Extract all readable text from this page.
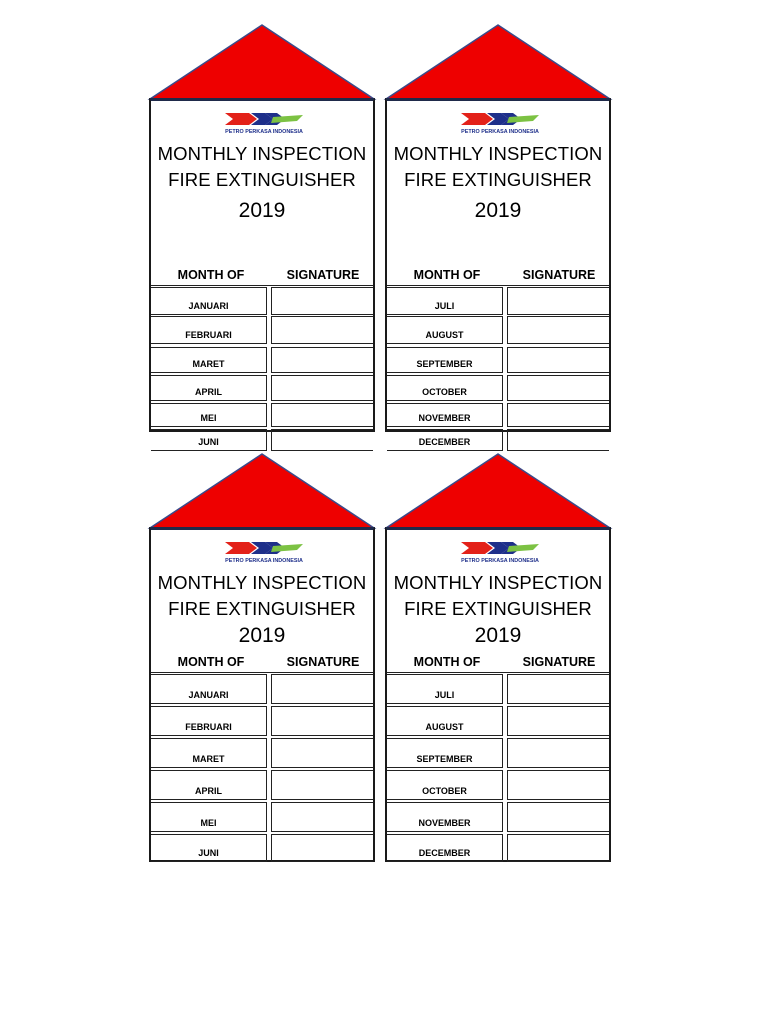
PETRO PERKASA INDONESIA
MONTHLY INSPECTION
FIRE EXTINGUISHER
2019
MONTH OF	SIGNATURE
JANUARI
FEBRUARI
MARET
APRIL
MEI
JUNI
PETRO PERKASA INDONESIA
MONTHLY INSPECTION
FIRE EXTINGUISHER
2019
MONTH OF	SIGNATURE
JULI
AUGUST
SEPTEMBER
OCTOBER
NOVEMBER
DECEMBER
PETRO PERKASA INDONESIA
MONTHLY INSPECTION
FIRE EXTINGUISHER
2019
MONTH OF	SIGNATURE
JANUARI
FEBRUARI
MARET
APRIL
MEI
JUNI
PETRO PERKASA INDONESIA
MONTHLY INSPECTION
FIRE EXTINGUISHER
2019
MONTH OF	SIGNATURE
JULI
AUGUST
SEPTEMBER
OCTOBER
NOVEMBER
DECEMBER
